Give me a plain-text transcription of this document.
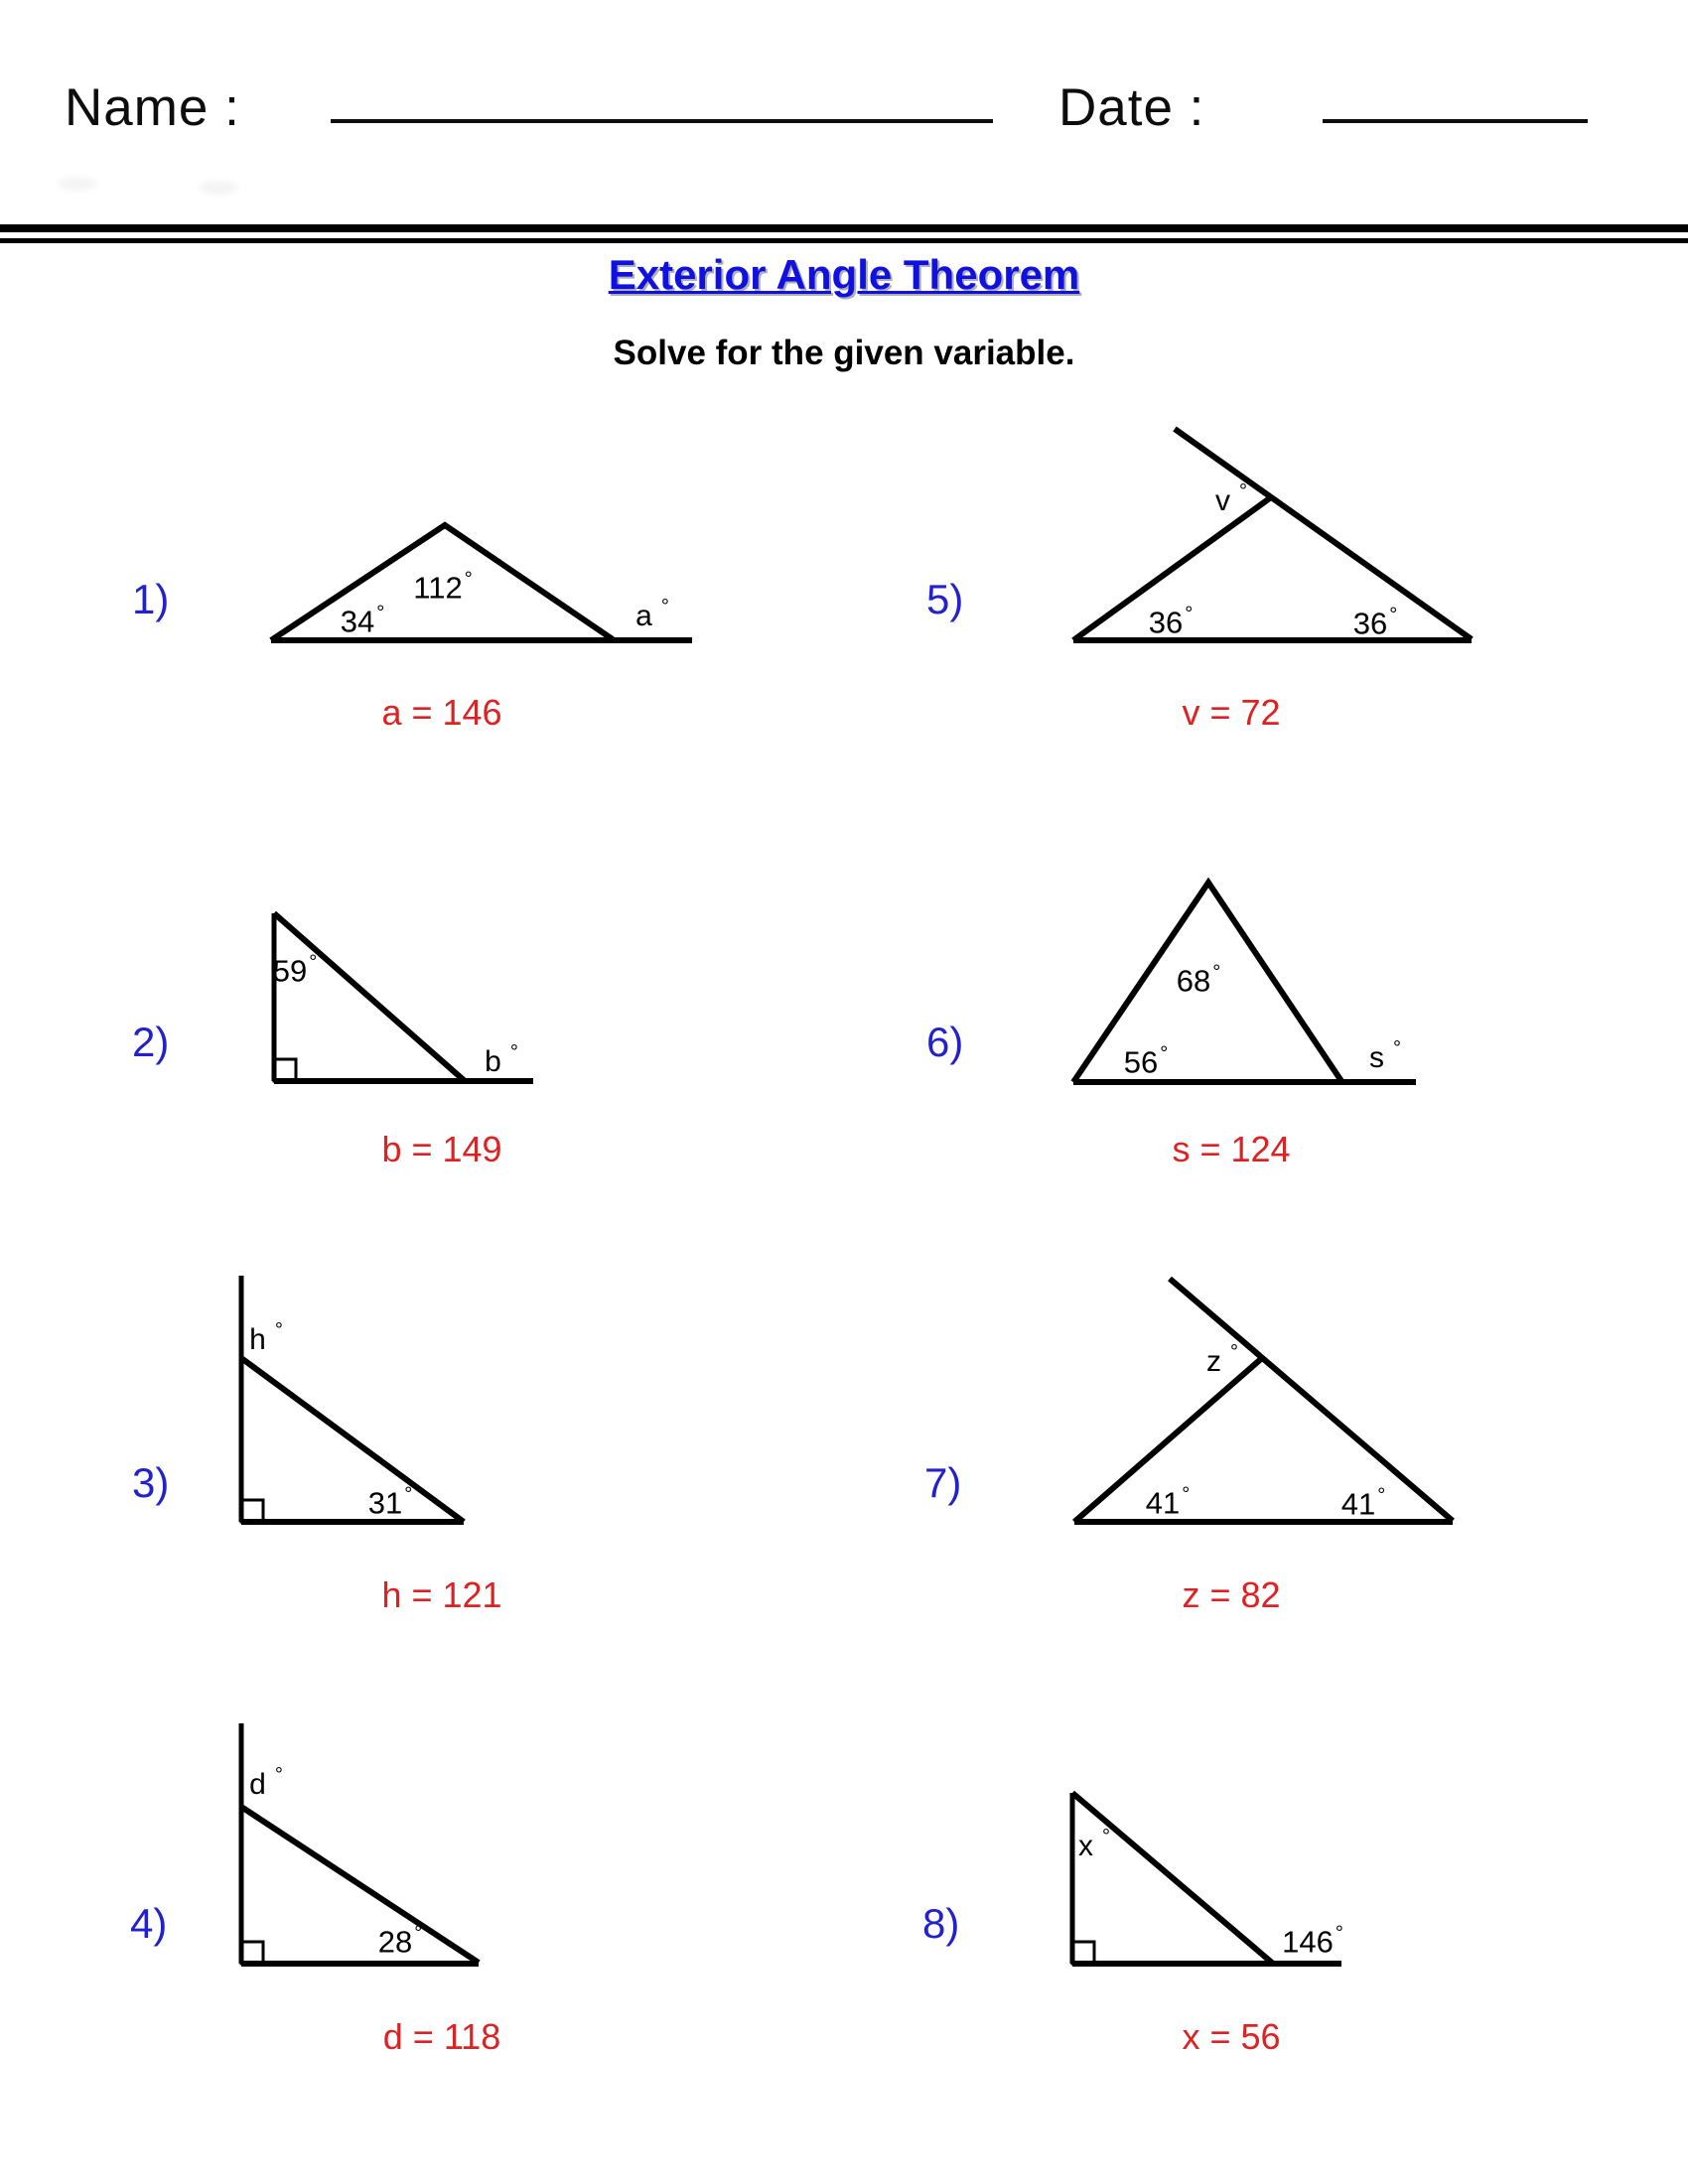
Name :	Date :
Exterior Angle Theorem
Solve for the given variable.
1)
2)
3)
4)
5)
6)
7)
8)
112 °
34 °	a °
59 °
b °
h °
31 °
d °
28 °
v °
36 °	36 °
68 °
56 °	s °
z °
41 °	41 °
x °
146 °
a = 146
b = 149
h = 121
d = 118
v = 72
s = 124
z = 82
x = 56
